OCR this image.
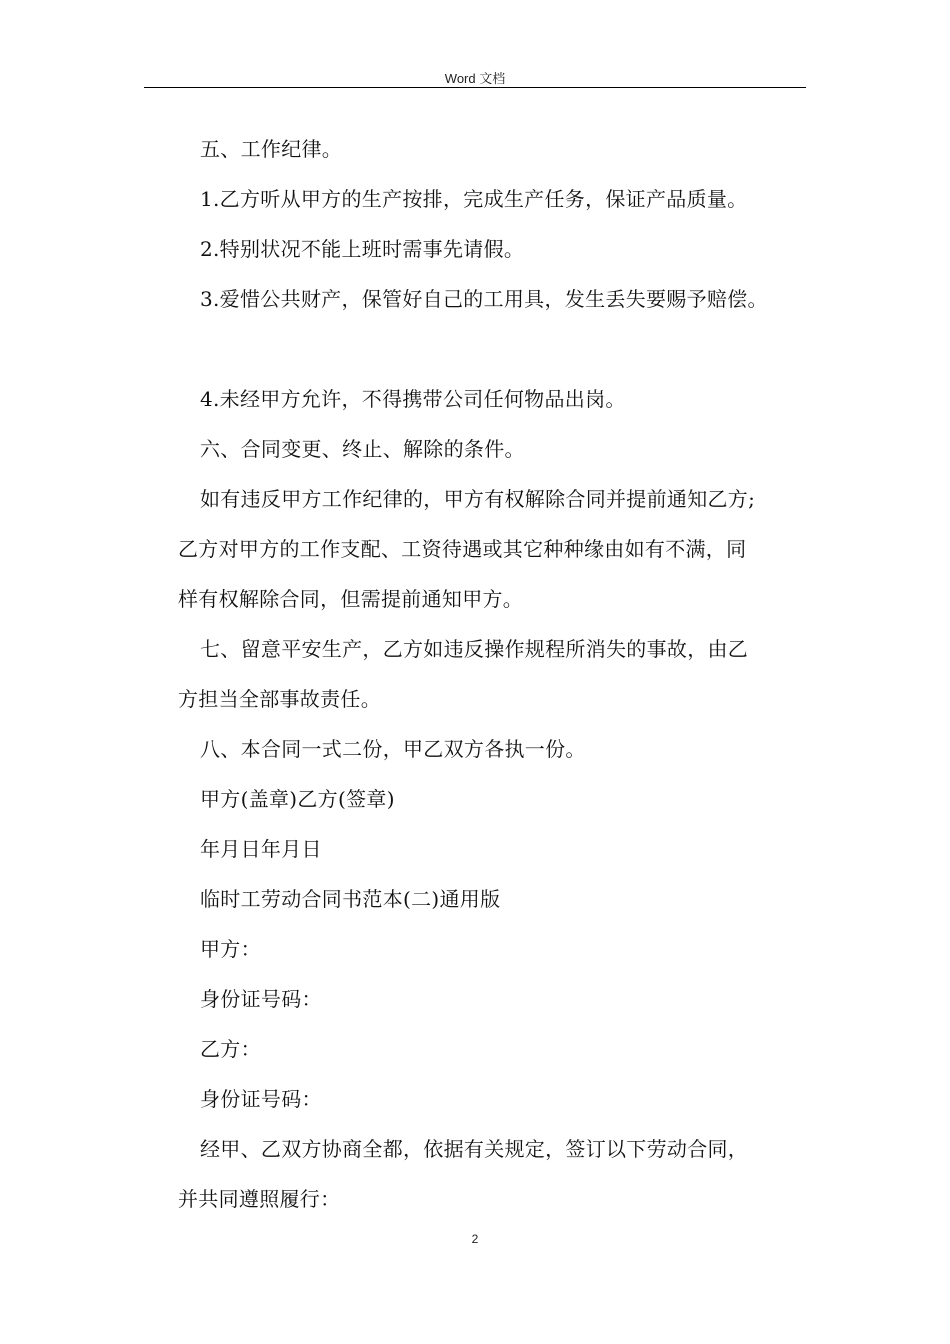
Word 文档

五、工作纪律。

1.乙方听从甲方的生产按排，完成生产任务，保证产品质量。

2.特别状况不能上班时需事先请假。

3.爱惜公共财产，保管好自己的工用具，发生丢失要赐予赔偿。

4.未经甲方允许，不得携带公司任何物品出岗。

六、合同变更、终止、解除的条件。

如有违反甲方工作纪律的，甲方有权解除合同并提前通知乙方;

乙方对甲方的工作支配、工资待遇或其它种种缘由如有不满，同

样有权解除合同，但需提前通知甲方。

七、留意平安生产，乙方如违反操作规程所消失的事故，由乙

方担当全部事故责任。

八、本合同一式二份，甲乙双方各执一份。

甲方(盖章)乙方(签章)

年月日年月日

临时工劳动合同书范本(二)通用版

甲方：

身份证号码：

乙方：

身份证号码：

经甲、乙双方协商全都，依据有关规定，签订以下劳动合同，

并共同遵照履行：

2
